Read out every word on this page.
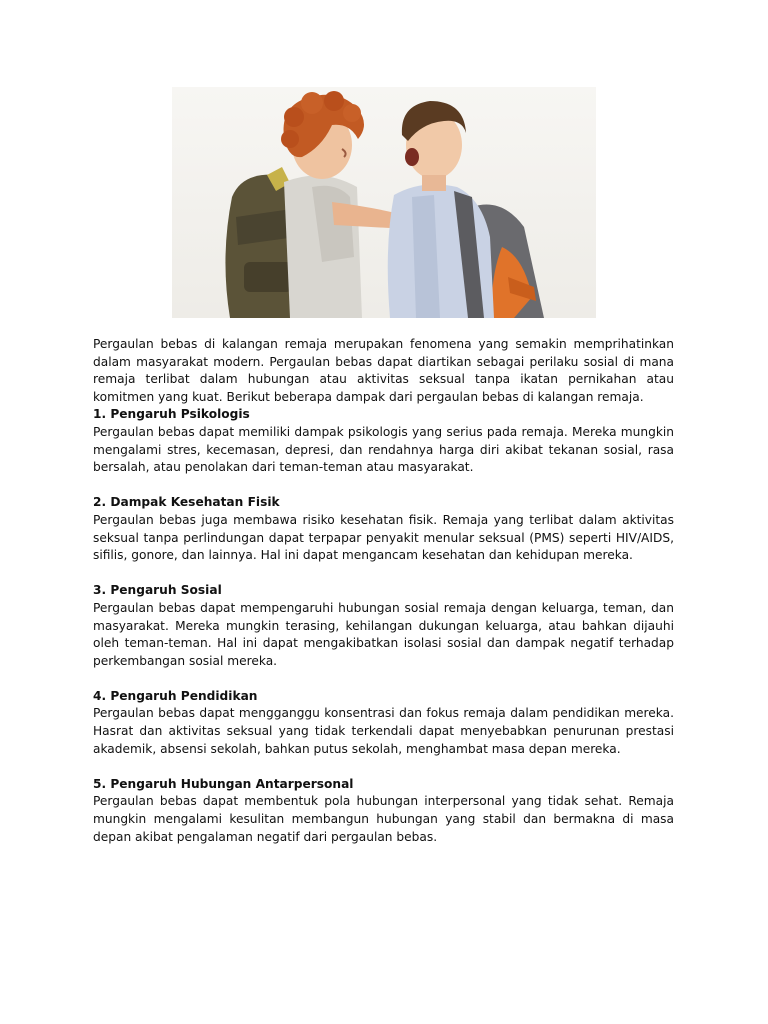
Pergaulan bebas di kalangan remaja merupakan fenomena yang semakin memprihatinkan dalam masyarakat modern. Pergaulan bebas dapat diartikan sebagai perilaku sosial di mana remaja terlibat dalam hubungan atau aktivitas seksual tanpa ikatan pernikahan atau komitmen yang kuat. Berikut beberapa dampak dari pergaulan bebas di kalangan remaja.

1. Pengaruh Psikologis

Pergaulan bebas dapat memiliki dampak psikologis yang serius pada remaja. Mereka mungkin mengalami stres, kecemasan, depresi, dan rendahnya harga diri akibat tekanan sosial, rasa bersalah, atau penolakan dari teman-teman atau masyarakat.

2. Dampak Kesehatan Fisik

Pergaulan bebas juga membawa risiko kesehatan fisik. Remaja yang terlibat dalam aktivitas seksual tanpa perlindungan dapat terpapar penyakit menular seksual (PMS) seperti HIV/AIDS, sifilis, gonore, dan lainnya. Hal ini dapat mengancam kesehatan dan kehidupan mereka.

3. Pengaruh Sosial

Pergaulan bebas dapat mempengaruhi hubungan sosial remaja dengan keluarga, teman, dan masyarakat. Mereka mungkin terasing, kehilangan dukungan keluarga, atau bahkan dijauhi oleh teman-teman. Hal ini dapat mengakibatkan isolasi sosial dan dampak negatif terhadap perkembangan sosial mereka.

4. Pengaruh Pendidikan

Pergaulan bebas dapat mengganggu konsentrasi dan fokus remaja dalam pendidikan mereka. Hasrat dan aktivitas seksual yang tidak terkendali dapat menyebabkan penurunan prestasi akademik, absensi sekolah, bahkan putus sekolah, menghambat masa depan mereka.

5. Pengaruh Hubungan Antarpersonal

Pergaulan bebas dapat membentuk pola hubungan interpersonal yang tidak sehat. Remaja mungkin mengalami kesulitan membangun hubungan yang stabil dan bermakna di masa depan akibat pengalaman negatif dari pergaulan bebas.
